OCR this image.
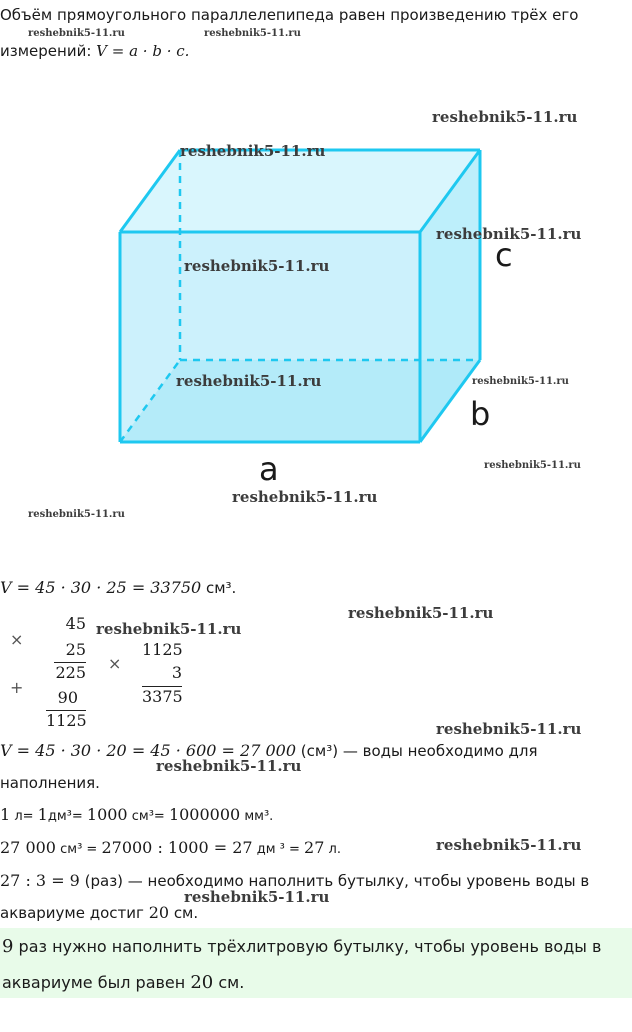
Объём прямоугольного параллелепипеда равен произведению трёх его
измерений: V = a · b · c.
c
b
a
reshebnik5-11.ru	reshebnik5-11.ru
reshebnik5-11.ru
reshebnik5-11.ru
reshebnik5-11.ru
reshebnik5-11.ru
reshebnik5-11.ru	reshebnik5-11.ru
reshebnik5-11.ru
reshebnik5-11.ru
reshebnik5-11.ru
reshebnik5-11.ru
reshebnik5-11.ru
reshebnik5-11.ru
reshebnik5-11.ru
reshebnik5-11.ru
reshebnik5-11.ru
V = 45 · 30 · 25 = 33750 см³.
×
45
25
225
+
90
1125
×
1125
3
3375
V = 45 · 30 · 20 = 45 · 600 = 27 000 (см³) — воды необходимо для
наполнения.
1 л= 1дм³= 1000 см³= 1000000 мм³.
27 000 см³ = 27000 : 1000 = 27 дм ³ = 27 л.
27 : 3 = 9 (раз) — необходимо наполнить бутылку, чтобы уровень воды в
аквариуме достиг 20 см.
9 раз нужно наполнить трёхлитровую бутылку, чтобы уровень воды в
аквариуме был равен 20 см.
